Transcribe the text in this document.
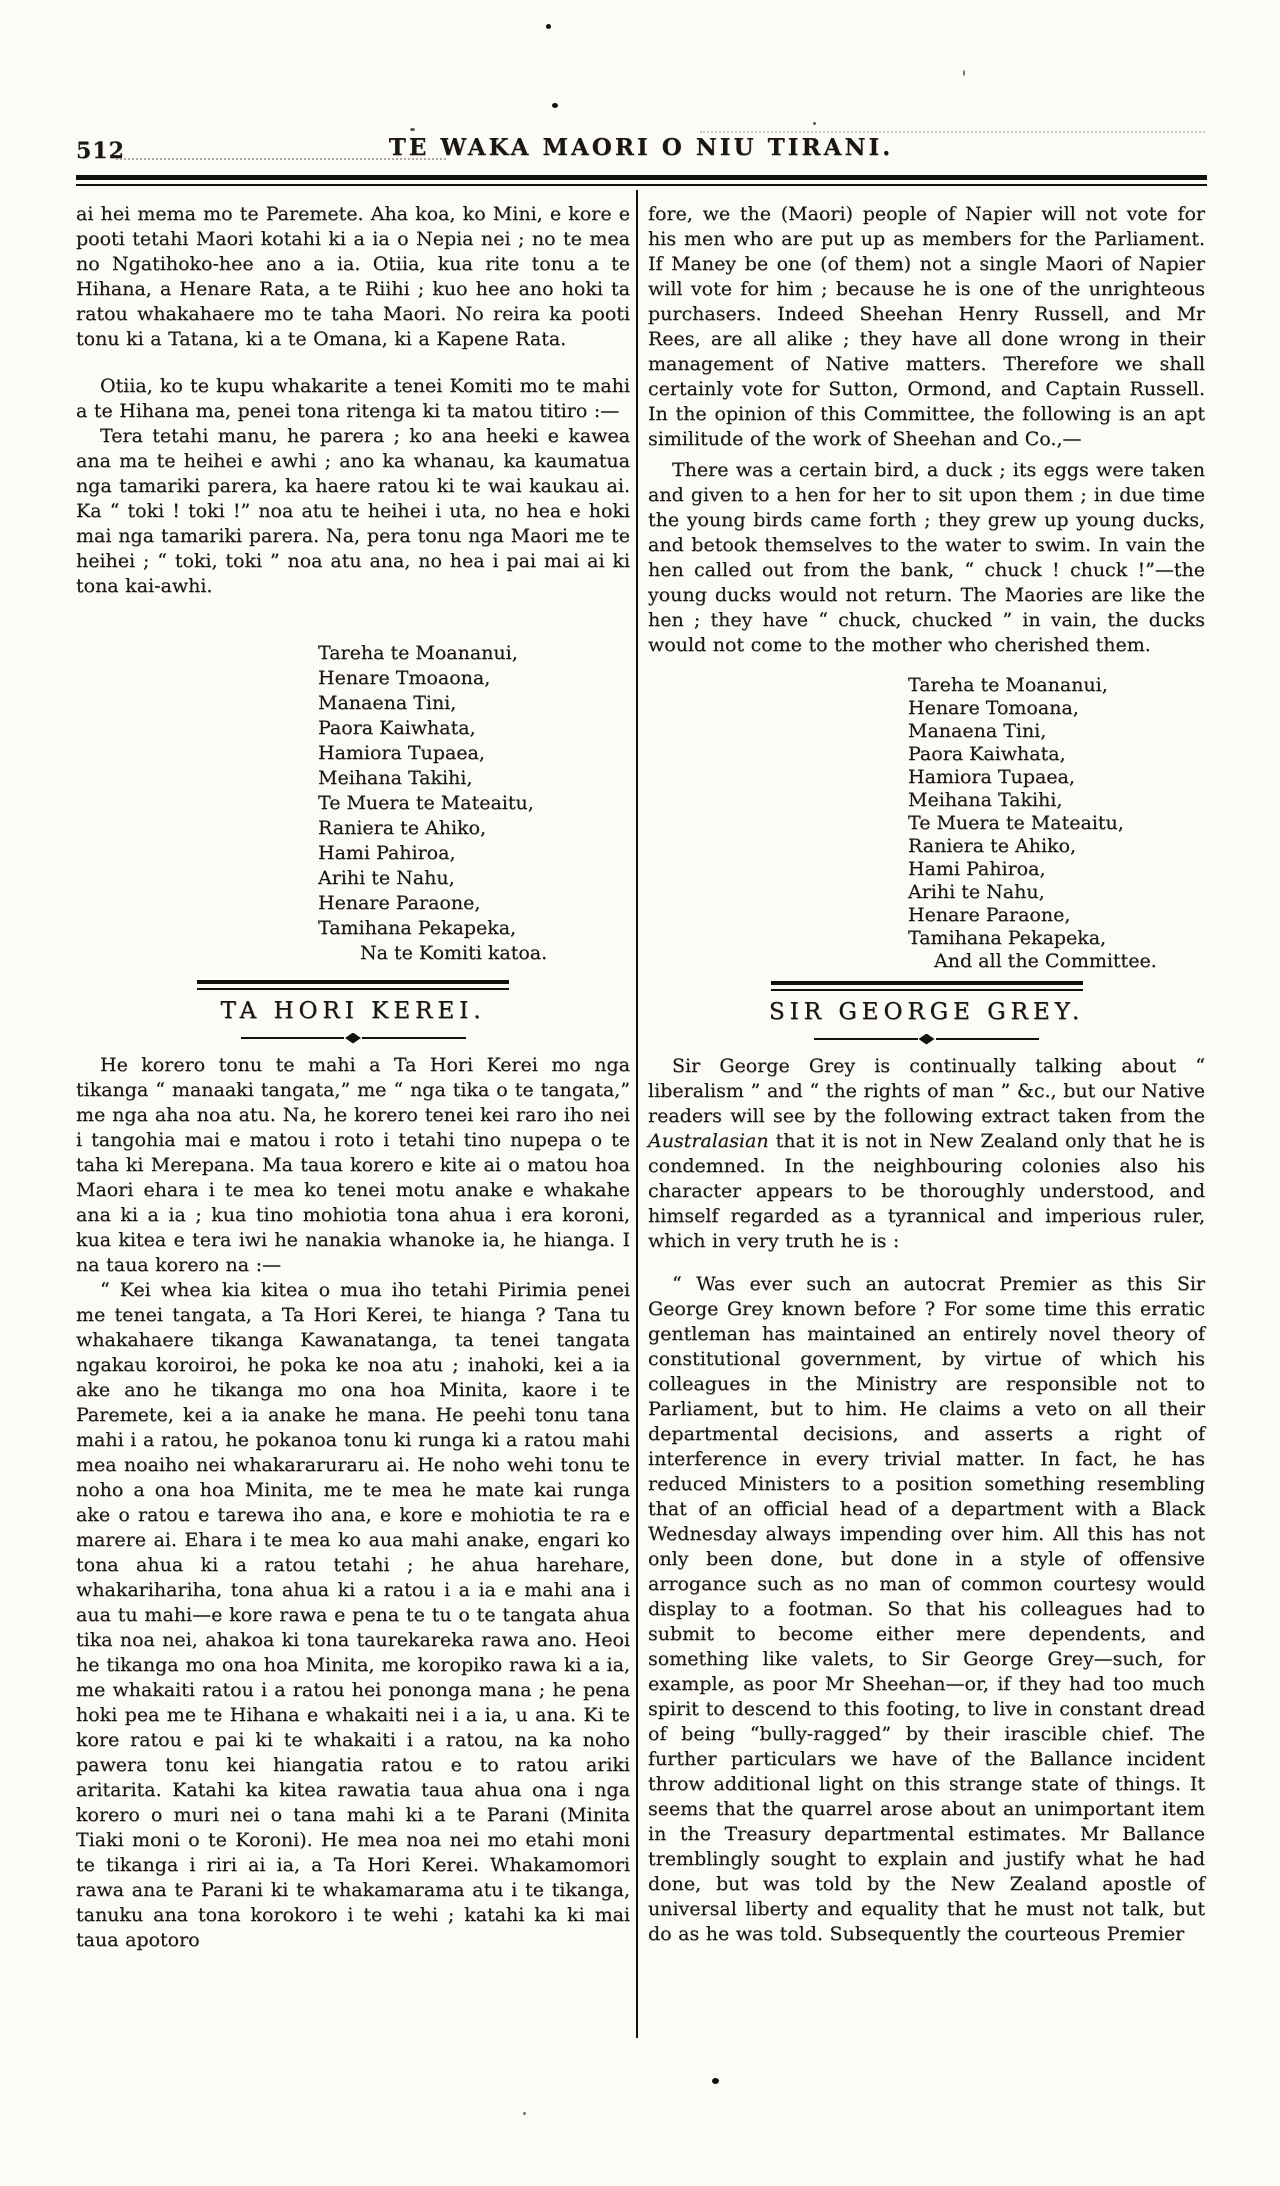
512	TE WAKA MAORI O NIU TIRANI.

ai hei mema mo te Paremete. Aha koa, ko Mini, e kore e pooti tetahi Maori kotahi ki a ia o Nepia nei ; no te mea no Ngatihoko-hee ano a ia. Otiia, kua rite tonu a te Hihana, a Henare Rata, a te Riihi ; kuo hee ano hoki ta ratou whakahaere mo te taha Maori. No reira ka pooti tonu ki a Tatana, ki a te Omana, ki a Kapene Rata.

Otiia, ko te kupu whakarite a tenei Komiti mo te mahi a te Hihana ma, penei tona ritenga ki ta matou titiro :—

Tera tetahi manu, he parera ; ko ana heeki e kawea ana ma te heihei e awhi ; ano ka whanau, ka kaumatua nga tamariki parera, ka haere ratou ki te wai kaukau ai. Ka “ toki ! toki !” noa atu te heihei i uta, no hea e hoki mai nga tamariki parera. Na, pera tonu nga Maori me te heihei ; “ toki, toki ” noa atu ana, no hea i pai mai ai ki tona kai-awhi.

Tareha te Moananui,
Henare Tmoaona,
Manaena Tini,
Paora Kaiwhata,
Hamiora Tupaea,
Meihana Takihi,
Te Muera te Mateaitu,
Raniera te Ahiko,
Hami Pahiroa,
Arihi te Nahu,
Henare Paraone,
Tamihana Pekapeka,
Na te Komiti katoa.
TA HORI KEREI.

He korero tonu te mahi a Ta Hori Kerei mo nga tikanga “ manaaki tangata,” me “ nga tika o te tangata,” me nga aha noa atu. Na, he korero tenei kei raro iho nei i tangohia mai e matou i roto i tetahi tino nupepa o te taha ki Merepana. Ma taua korero e kite ai o matou hoa Maori ehara i te mea ko tenei motu anake e whakahe ana ki a ia ; kua tino mohiotia tona ahua i era koroni, kua kitea e tera iwi he nanakia whanoke ia, he hianga. I na taua korero na :—

“ Kei whea kia kitea o mua iho tetahi Pirimia penei me tenei tangata, a Ta Hori Kerei, te hianga ? Tana tu whakahaere tikanga Kawanatanga, ta tenei tangata ngakau koroiroi, he poka ke noa atu ; inahoki, kei a ia ake ano he tikanga mo ona hoa Minita, kaore i te Paremete, kei a ia anake he mana. He peehi tonu tana mahi i a ratou, he pokanoa tonu ki runga ki a ratou mahi mea noaiho nei whakararuraru ai. He noho wehi tonu te noho a ona hoa Minita, me te mea he mate kai runga ake o ratou e tarewa iho ana, e kore e mohiotia te ra e marere ai. Ehara i te mea ko aua mahi anake, engari ko tona ahua ki a ratou tetahi ; he ahua harehare, whakarihariha, tona ahua ki a ratou i a ia e mahi ana i aua tu mahi—e kore rawa e pena te tu o te tangata ahua tika noa nei, ahakoa ki tona taurekareka rawa ano. Heoi he tikanga mo ona hoa Minita, me koropiko rawa ki a ia, me whakaiti ratou i a ratou hei pononga mana ; he pena hoki pea me te Hihana e whakaiti nei i a ia, u ana. Ki te kore ratou e pai ki te whakaiti i a ratou, na ka noho pawera tonu kei hiangatia ratou e to ratou ariki aritarita. Katahi ka kitea rawatia taua ahua ona i nga korero o muri nei o tana mahi ki a te Parani (Minita Tiaki moni o te Koroni). He mea noa nei mo etahi moni te tikanga i riri ai ia, a Ta Hori Kerei. Whakamomori rawa ana te Parani ki te whakamarama atu i te tikanga, tanuku ana tona korokoro i te wehi ; katahi ka ki mai taua apotoro

fore, we the (Maori) people of Napier will not vote for his men who are put up as members for the Parliament. If Maney be one (of them) not a single Maori of Napier will vote for him ; because he is one of the unrighteous purchasers. Indeed Sheehan Henry Russell, and Mr Rees, are all alike ; they have all done wrong in their management of Native matters. Therefore we shall certainly vote for Sutton, Ormond, and Captain Russell. In the opinion of this Committee, the following is an apt similitude of the work of Sheehan and Co.,—

There was a certain bird, a duck ; its eggs were taken and given to a hen for her to sit upon them ; in due time the young birds came forth ; they grew up young ducks, and betook themselves to the water to swim. In vain the hen called out from the bank, “ chuck ! chuck !”—the young ducks would not return. The Maories are like the hen ; they have “ chuck, chucked ” in vain, the ducks would not come to the mother who cherished them.

Tareha te Moananui,
Henare Tomoana,
Manaena Tini,
Paora Kaiwhata,
Hamiora Tupaea,
Meihana Takihi,
Te Muera te Mateaitu,
Raniera te Ahiko,
Hami Pahiroa,
Arihi te Nahu,
Henare Paraone,
Tamihana Pekapeka,
And all the Committee.
SIR GEORGE GREY.

Sir George Grey is continually talking about “ liberalism ” and “ the rights of man ” &c., but our Native readers will see by the following extract taken from the Australasian that it is not in New Zealand only that he is condemned. In the neighbouring colonies also his character appears to be thoroughly understood, and himself regarded as a tyrannical and imperious ruler, which in very truth he is :

“ Was ever such an autocrat Premier as this Sir George Grey known before ? For some time this erratic gentleman has maintained an entirely novel theory of constitutional government, by virtue of which his colleagues in the Ministry are responsible not to Parliament, but to him. He claims a veto on all their departmental decisions, and asserts a right of interference in every trivial matter. In fact, he has reduced Ministers to a position something resembling that of an official head of a department with a Black Wednesday always impending over him. All this has not only been done, but done in a style of offensive arrogance such as no man of common courtesy would display to a footman. So that his colleagues had to submit to become either mere dependents, and something like valets, to Sir George Grey—such, for example, as poor Mr Sheehan—or, if they had too much spirit to descend to this footing, to live in constant dread of being “bully-ragged” by their irascible chief. The further particulars we have of the Ballance incident throw additional light on this strange state of things. It seems that the quarrel arose about an unimportant item in the Treasury departmental estimates. Mr Ballance tremblingly sought to explain and justify what he had done, but was told by the New Zealand apostle of universal liberty and equality that he must not talk, but do as he was told. Subsequently the courteous Premier
